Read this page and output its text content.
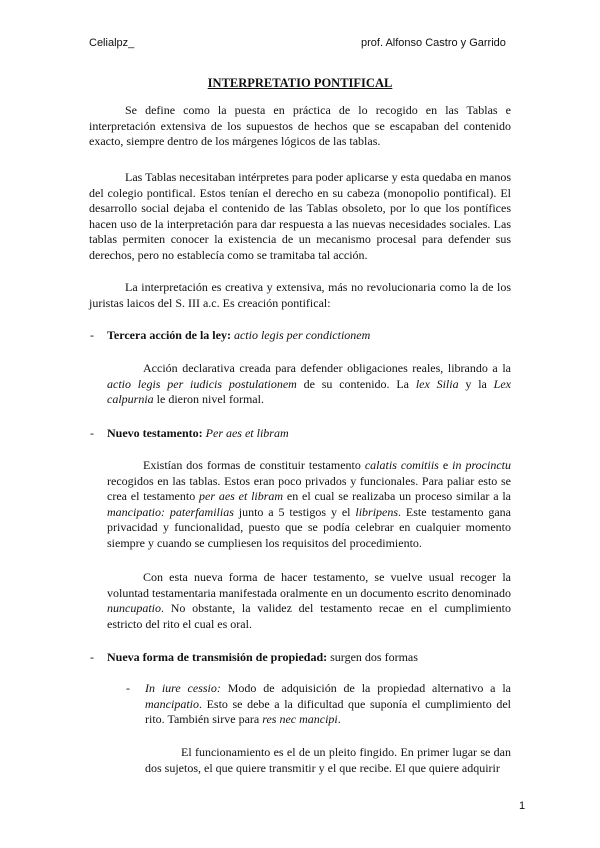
Celialpz_	prof. Alfonso Castro y Garrido
INTERPRETATIO PONTIFICAL
Se define como la puesta en práctica de lo recogido en las Tablas e interpretación extensiva de los supuestos de hechos que se escapaban del contenido exacto, siempre dentro de los márgenes lógicos de las tablas.
Las Tablas necesitaban intérpretes para poder aplicarse y esta quedaba en manos del colegio pontifical. Estos tenían el derecho en su cabeza (monopolio pontifical). El desarrollo social dejaba el contenido de las Tablas obsoleto, por lo que los pontífices hacen uso de la interpretación para dar respuesta a las nuevas necesidades sociales. Las tablas permiten conocer la existencia de un mecanismo procesal para defender sus derechos, pero no establecía como se tramitaba tal acción.
La interpretación es creativa y extensiva, más no revolucionaria como la de los juristas laicos del S. III a.c. Es creación pontifical:
- Tercera acción de la ley: actio legis per condictionem
Acción declarativa creada para defender obligaciones reales, librando a la actio legis per iudicis postulationem de su contenido. La lex Silia y la Lex calpurnia le dieron nivel formal.
- Nuevo testamento: Per aes et libram
Existían dos formas de constituir testamento calatis comitiis e in procinctu recogidos en las tablas. Estos eran poco privados y funcionales. Para paliar esto se crea el testamento per aes et libram en el cual se realizaba un proceso similar a la mancipatio: paterfamilias junto a 5 testigos y el libripens. Este testamento gana privacidad y funcionalidad, puesto que se podía celebrar en cualquier momento siempre y cuando se cumpliesen los requisitos del procedimiento.
Con esta nueva forma de hacer testamento, se vuelve usual recoger la voluntad testamentaria manifestada oralmente en un documento escrito denominado nuncupatio. No obstante, la validez del testamento recae en el cumplimiento estricto del rito el cual es oral.
- Nueva forma de transmisión de propiedad: surgen dos formas
- In iure cessio: Modo de adquisición de la propiedad alternativo a la mancipatio. Esto se debe a la dificultad que suponía el cumplimiento del rito. También sirve para res nec mancipi.
El funcionamiento es el de un pleito fingido. En primer lugar se dan dos sujetos, el que quiere transmitir y el que recibe. El que quiere adquirir
1
